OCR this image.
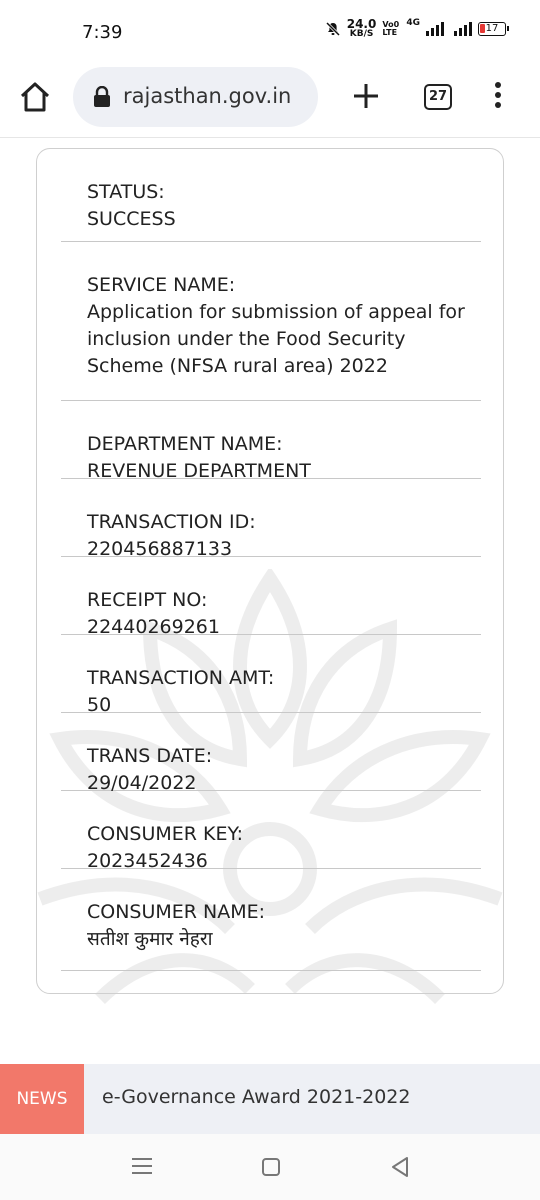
7:39	24.0
KB/S
Vo0 LTE
4G	17
rajasthan.gov.in	27
STATUS:
SUCCESS
SERVICE NAME:
Application for submission of appeal for inclusion under the Food Security Scheme (NFSA rural area) 2022
DEPARTMENT NAME:
REVENUE DEPARTMENT
TRANSACTION ID:
220456887133
RECEIPT NO:
22440269261
TRANSACTION AMT:
50
TRANS DATE:
29/04/2022
CONSUMER KEY:
2023452436
CONSUMER NAME:
सतीश कुमार नेहरा
e-Governance Award 2021-2022
NEWS
